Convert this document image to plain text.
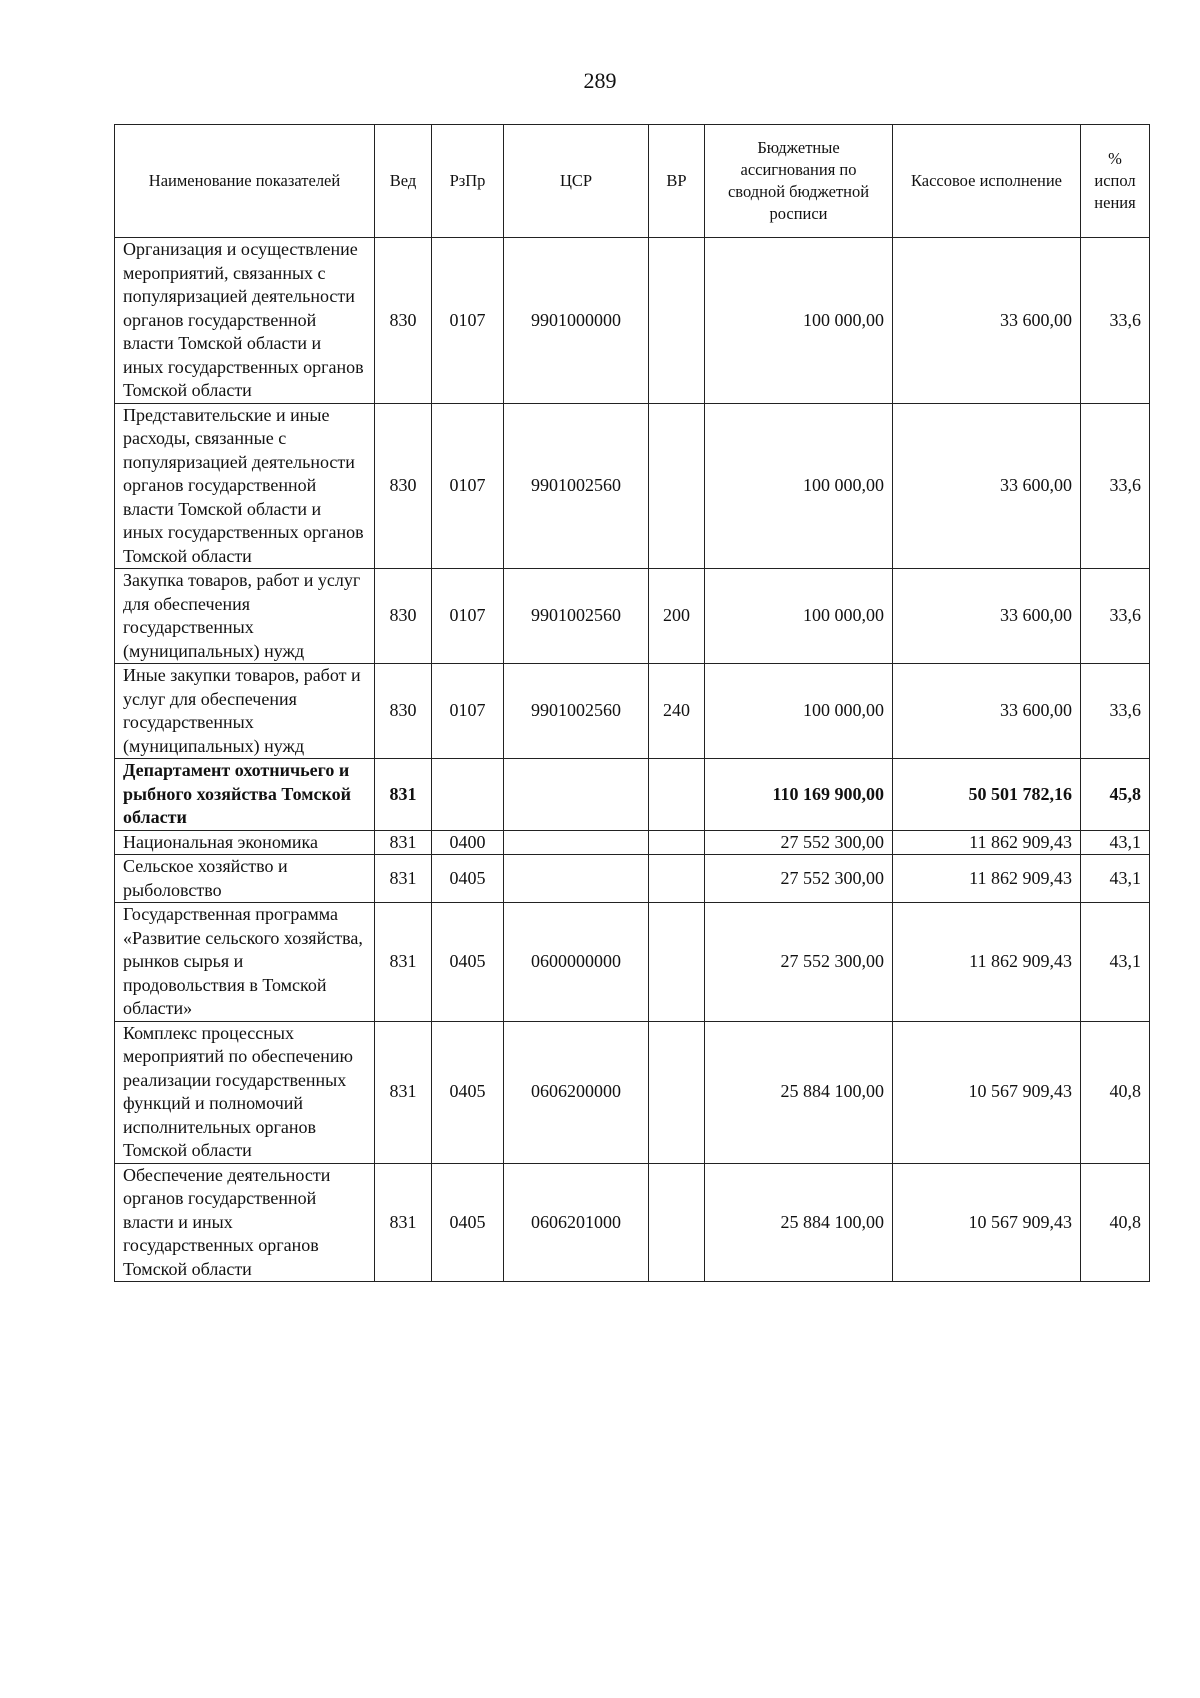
289
Наименование показателей	Вед	РзПр	ЦСР	ВР	Бюджетные ассигнования по сводной бюджетной росписи	Кассовое исполнение	% испол нения
Организация и осуществление мероприятий, связанных с популяризацией деятельности органов государственной власти Томской области и иных государственных органов Томской области	830	0107	9901000000		100 000,00	33 600,00	33,6
Представительские и иные расходы, связанные с популяризацией деятельности органов государственной власти Томской области и иных государственных органов Томской области	830	0107	9901002560		100 000,00	33 600,00	33,6
Закупка товаров, работ и услуг для обеспечения государственных (муниципальных) нужд	830	0107	9901002560	200	100 000,00	33 600,00	33,6
Иные закупки товаров, работ и услуг для обеспечения государственных (муниципальных) нужд	830	0107	9901002560	240	100 000,00	33 600,00	33,6
Департамент охотничьего и рыбного хозяйства Томской области	831				110 169 900,00	50 501 782,16	45,8
Национальная экономика	831	0400			27 552 300,00	11 862 909,43	43,1
Сельское хозяйство и рыболовство	831	0405			27 552 300,00	11 862 909,43	43,1
Государственная программа «Развитие сельского хозяйства, рынков сырья и продовольствия в Томской области»	831	0405	0600000000		27 552 300,00	11 862 909,43	43,1
Комплекс процессных мероприятий по обеспечению реализации государственных функций и полномочий исполнительных органов Томской области	831	0405	0606200000		25 884 100,00	10 567 909,43	40,8
Обеспечение деятельности органов государственной власти и иных государственных органов Томской области	831	0405	0606201000		25 884 100,00	10 567 909,43	40,8
